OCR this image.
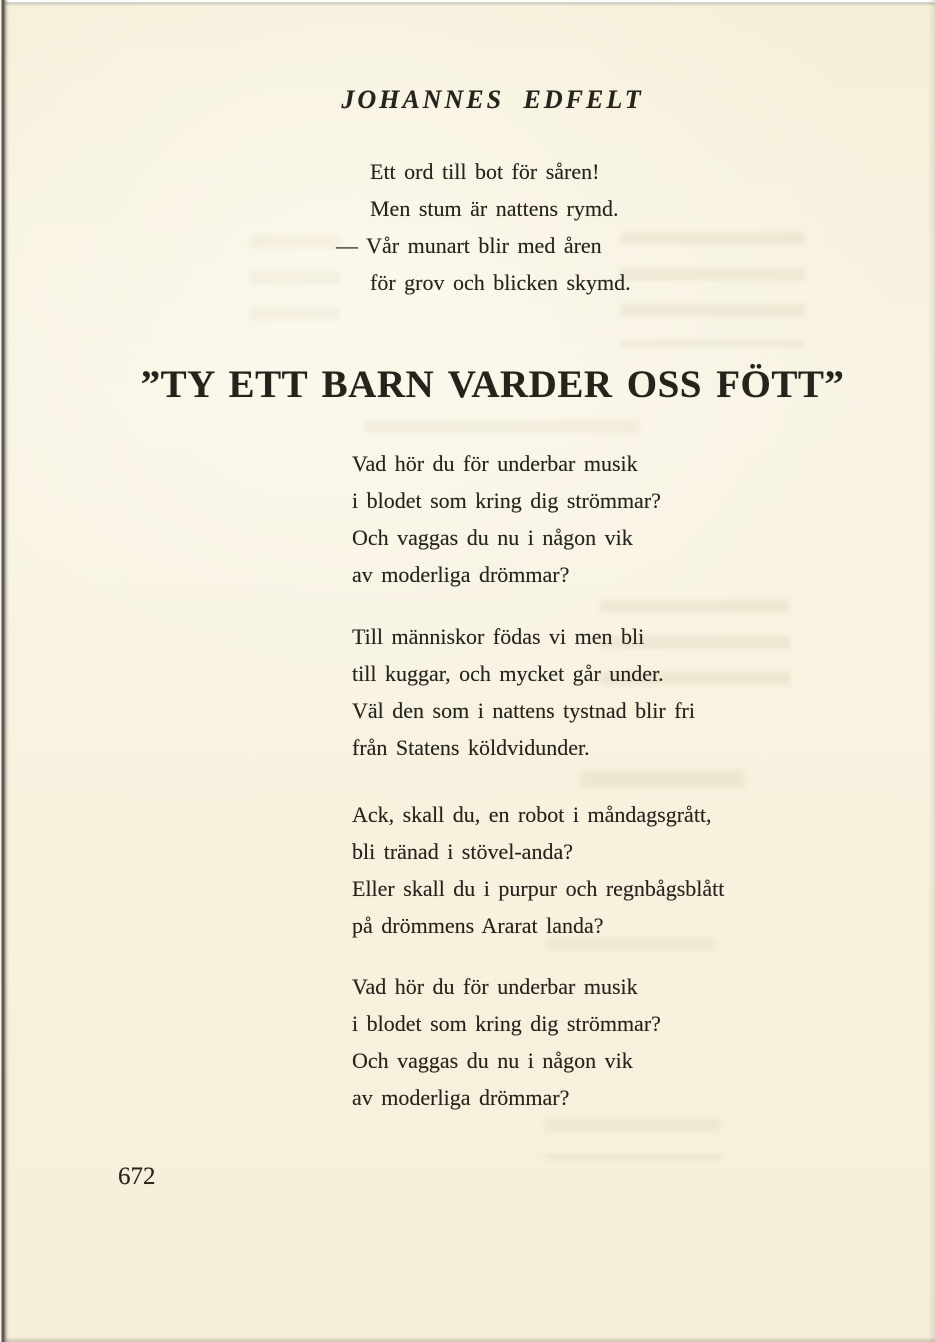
JOHANNES EDFELT
Ett ord till bot för såren!
Men stum är nattens rymd.
— Vår munart blir med åren
för grov och blicken skymd.
”TY ETT BARN VARDER OSS FÖTT”
Vad hör du för underbar musik
i blodet som kring dig strömmar?
Och vaggas du nu i någon vik
av moderliga drömmar?
Till människor födas vi men bli
till kuggar, och mycket går under.
Väl den som i nattens tystnad blir fri
från Statens köldvidunder.
Ack, skall du, en robot i måndagsgrått,
bli tränad i stövel-anda?
Eller skall du i purpur och regnbågsblått
på drömmens Ararat landa?
Vad hör du för underbar musik
i blodet som kring dig strömmar?
Och vaggas du nu i någon vik
av moderliga drömmar?
672
